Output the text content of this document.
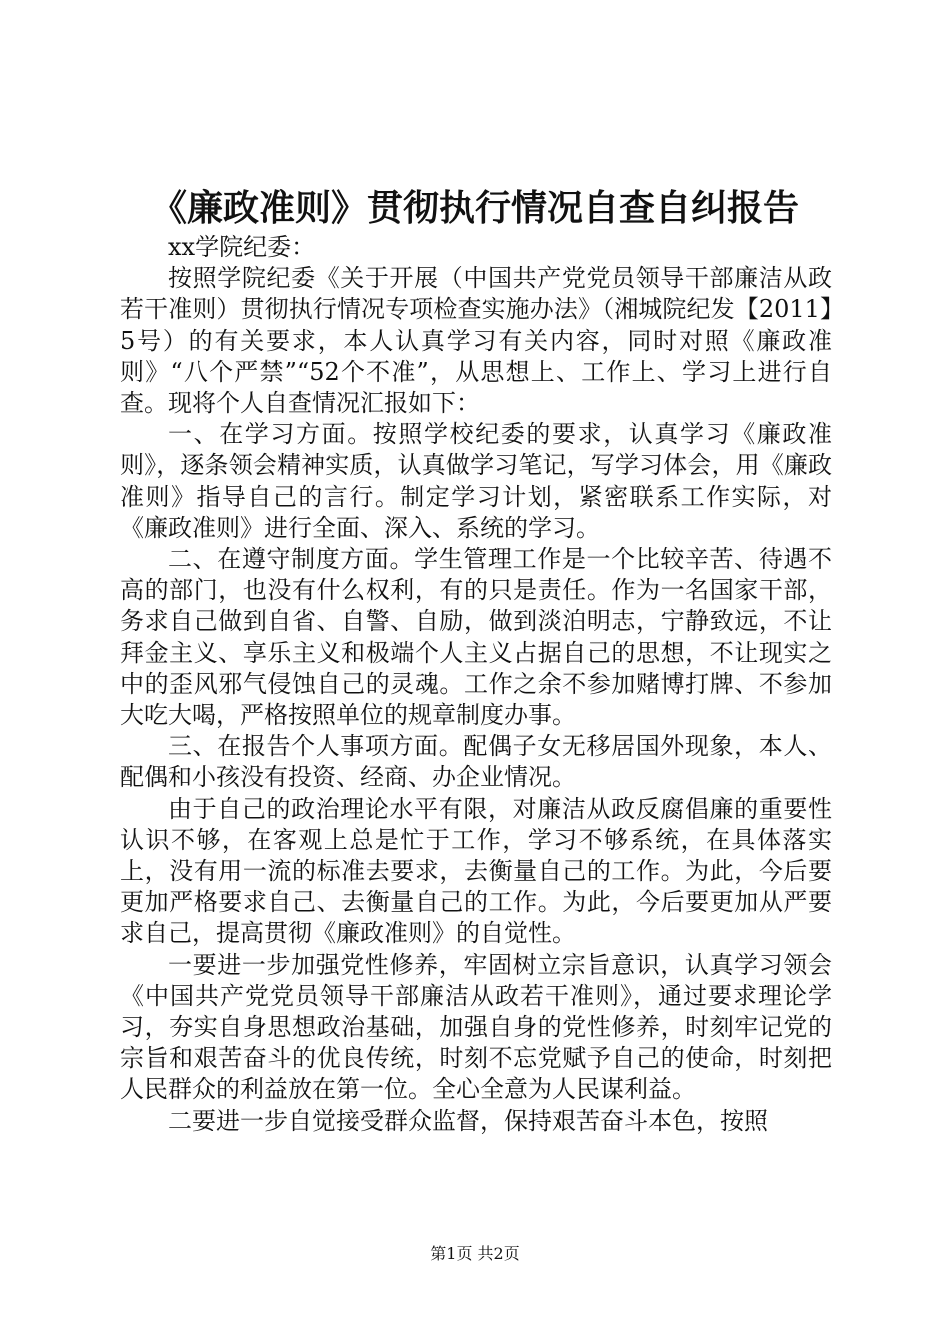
《廉政准则》贯彻执行情况自查自纠报告

xx学院纪委：

按照学院纪委《关于开展（中国共产党党员领导干部廉洁从政若干准则）贯彻执行情况专项检查实施办法》（湘城院纪发【2011】5号）的有关要求，本人认真学习有关内容，同时对照《廉政准则》“八个严禁”“52个不准”，从思想上、工作上、学习上进行自查。现将个人自查情况汇报如下：

一、在学习方面。按照学校纪委的要求，认真学习《廉政准则》，逐条领会精神实质，认真做学习笔记，写学习体会，用《廉政准则》指导自己的言行。制定学习计划，紧密联系工作实际，对《廉政准则》进行全面、深入、系统的学习。

二、在遵守制度方面。学生管理工作是一个比较辛苦、待遇不高的部门，也没有什么权利，有的只是责任。作为一名国家干部，务求自己做到自省、自警、自励，做到淡泊明志，宁静致远，不让拜金主义、享乐主义和极端个人主义占据自己的思想，不让现实之中的歪风邪气侵蚀自己的灵魂。工作之余不参加赌博打牌、不参加大吃大喝，严格按照单位的规章制度办事。

三、在报告个人事项方面。配偶子女无移居国外现象，本人、配偶和小孩没有投资、经商、办企业情况。

由于自己的政治理论水平有限，对廉洁从政反腐倡廉的重要性认识不够，在客观上总是忙于工作，学习不够系统，在具体落实上，没有用一流的标准去要求，去衡量自己的工作。为此，今后要更加严格要求自己、去衡量自己的工作。为此，今后要更加从严要求自己，提高贯彻《廉政准则》的自觉性。

一要进一步加强党性修养，牢固树立宗旨意识，认真学习领会《中国共产党党员领导干部廉洁从政若干准则》，通过要求理论学习，夯实自身思想政治基础，加强自身的党性修养，时刻牢记党的宗旨和艰苦奋斗的优良传统，时刻不忘党赋予自己的使命，时刻把人民群众的利益放在第一位。全心全意为人民谋利益。

二要进一步自觉接受群众监督，保持艰苦奋斗本色，按照

第1页 共2页
